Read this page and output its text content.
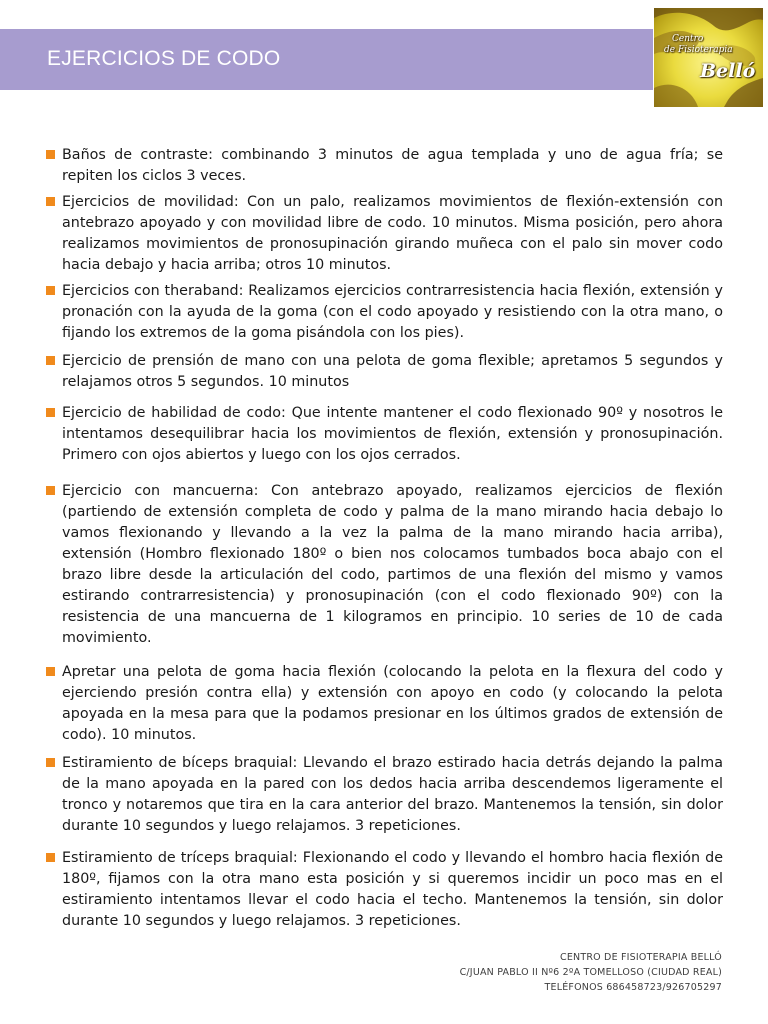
EJERCICIOS DE CODO
Centro
de Fisioterapia
Belló
Baños de contraste: combinando 3 minutos de agua templada y uno de agua fría; se repiten los ciclos 3 veces.
Ejercicios de movilidad: Con un palo, realizamos movimientos de flexión-extensión con antebrazo apoyado y con movilidad libre de codo. 10 minutos. Misma posición, pero ahora realizamos movimientos de pronosupinación girando muñeca con el palo sin mover codo hacia debajo y hacia arriba; otros 10 minutos.
Ejercicios con theraband: Realizamos ejercicios contrarresistencia hacia flexión, extensión y pronación con la ayuda de la goma (con el codo apoyado y resistiendo con la otra mano, o fijando los extremos de la goma pisándola con los pies).
Ejercicio de prensión de mano con una pelota de goma flexible; apretamos 5 segundos y relajamos otros 5 segundos. 10 minutos
Ejercicio de habilidad de codo: Que intente mantener el codo flexionado 90º y nosotros le intentamos desequilibrar hacia los movimientos de flexión, extensión y pronosupinación. Primero con ojos abiertos y luego con los ojos cerrados.
Ejercicio con mancuerna: Con antebrazo apoyado, realizamos ejercicios de flexión (partiendo de extensión completa de codo y palma de la mano mirando hacia debajo lo vamos flexionando y llevando a la vez la palma de la mano mirando hacia arriba), extensión (Hombro flexionado 180º o bien nos colocamos tumbados boca abajo con el brazo libre desde la articulación del codo, partimos de una flexión del mismo y vamos estirando contrarresistencia) y pronosupinación (con el codo flexionado 90º) con la resistencia de una mancuerna de 1 kilogramos en principio. 10 series de 10 de cada movimiento.
Apretar una pelota de goma hacia flexión (colocando la pelota en la flexura del codo y ejerciendo presión contra ella) y extensión con apoyo en codo (y colocando la pelota apoyada en la mesa para que la podamos presionar en los últimos grados de extensión de codo). 10 minutos.
Estiramiento de bíceps braquial: Llevando el brazo estirado hacia detrás dejando la palma de la mano apoyada en la pared con los dedos hacia arriba descendemos ligeramente el tronco y notaremos que tira en la cara anterior del brazo. Mantenemos la tensión, sin dolor durante 10 segundos y luego relajamos. 3 repeticiones.
Estiramiento de tríceps braquial: Flexionando el codo y llevando el hombro hacia flexión de 180º, fijamos con la otra mano esta posición y si queremos incidir un poco mas en el estiramiento intentamos llevar el codo hacia el techo. Mantenemos la tensión, sin dolor durante 10 segundos y luego relajamos. 3 repeticiones.
CENTRO DE FISIOTERAPIA BELLÓ
C/JUAN PABLO II Nº6 2ºA TOMELLOSO (CIUDAD REAL)
TELÉFONOS 686458723/926705297
